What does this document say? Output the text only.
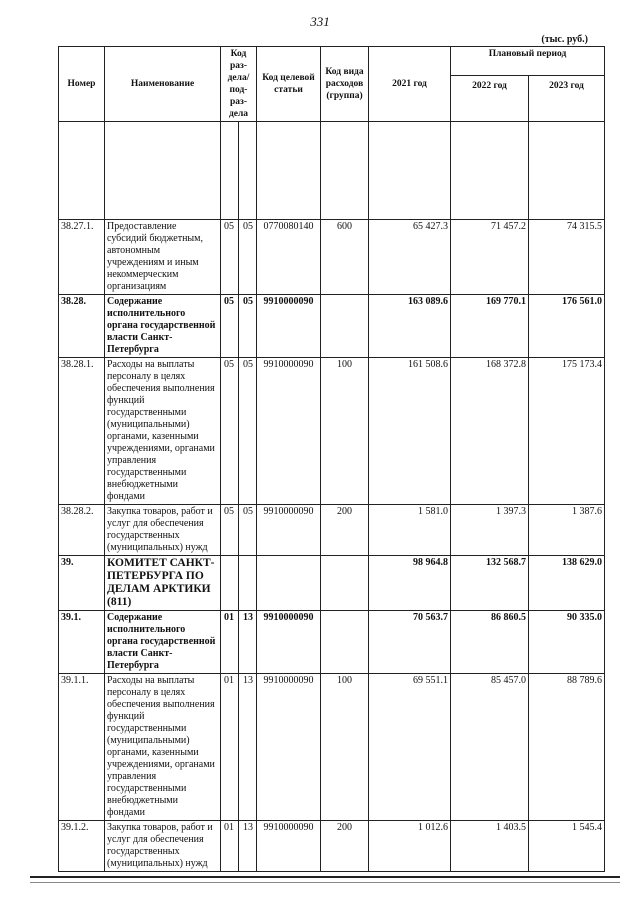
331
(тыс. руб.)
Номер	Наименование	Код раз-дела/ под-раз-дела		Код целевой статьи	Код вида расходов (группа)	2021 год	Плановый период	
							2022 год	2023 год

38.27.1.	Предоставление субсидий бюджетным, автономным учреждениям и иным некоммерческим организациям	05	05	0770080140	600	65 427.3	71 457.2	74 315.5
38.28.	Содержание исполнительного органа государственной власти Санкт-Петербурга	05	05	9910000090		163 089.6	169 770.1	176 561.0
38.28.1.	Расходы на выплаты персоналу в целях обеспечения выполнения функций государственными (муниципальными) органами, казенными учреждениями, органами управления государственными внебюджетными фондами	05	05	9910000090	100	161 508.6	168 372.8	175 173.4
38.28.2.	Закупка товаров, работ и услуг для обеспечения государственных (муниципальных) нужд	05	05	9910000090	200	1 581.0	1 397.3	1 387.6
39.	КОМИТЕТ САНКТ-ПЕТЕРБУРГА ПО ДЕЛАМ АРКТИКИ (811)					98 964.8	132 568.7	138 629.0
39.1.	Содержание исполнительного органа государственной власти Санкт-Петербурга	01	13	9910000090		70 563.7	86 860.5	90 335.0
39.1.1.	Расходы на выплаты персоналу в целях обеспечения выполнения функций государственными (муниципальными) органами, казенными учреждениями, органами управления государственными внебюджетными фондами	01	13	9910000090	100	69 551.1	85 457.0	88 789.6
39.1.2.	Закупка товаров, работ и услуг для обеспечения государственных (муниципальных) нужд	01	13	9910000090	200	1 012.6	1 403.5	1 545.4
